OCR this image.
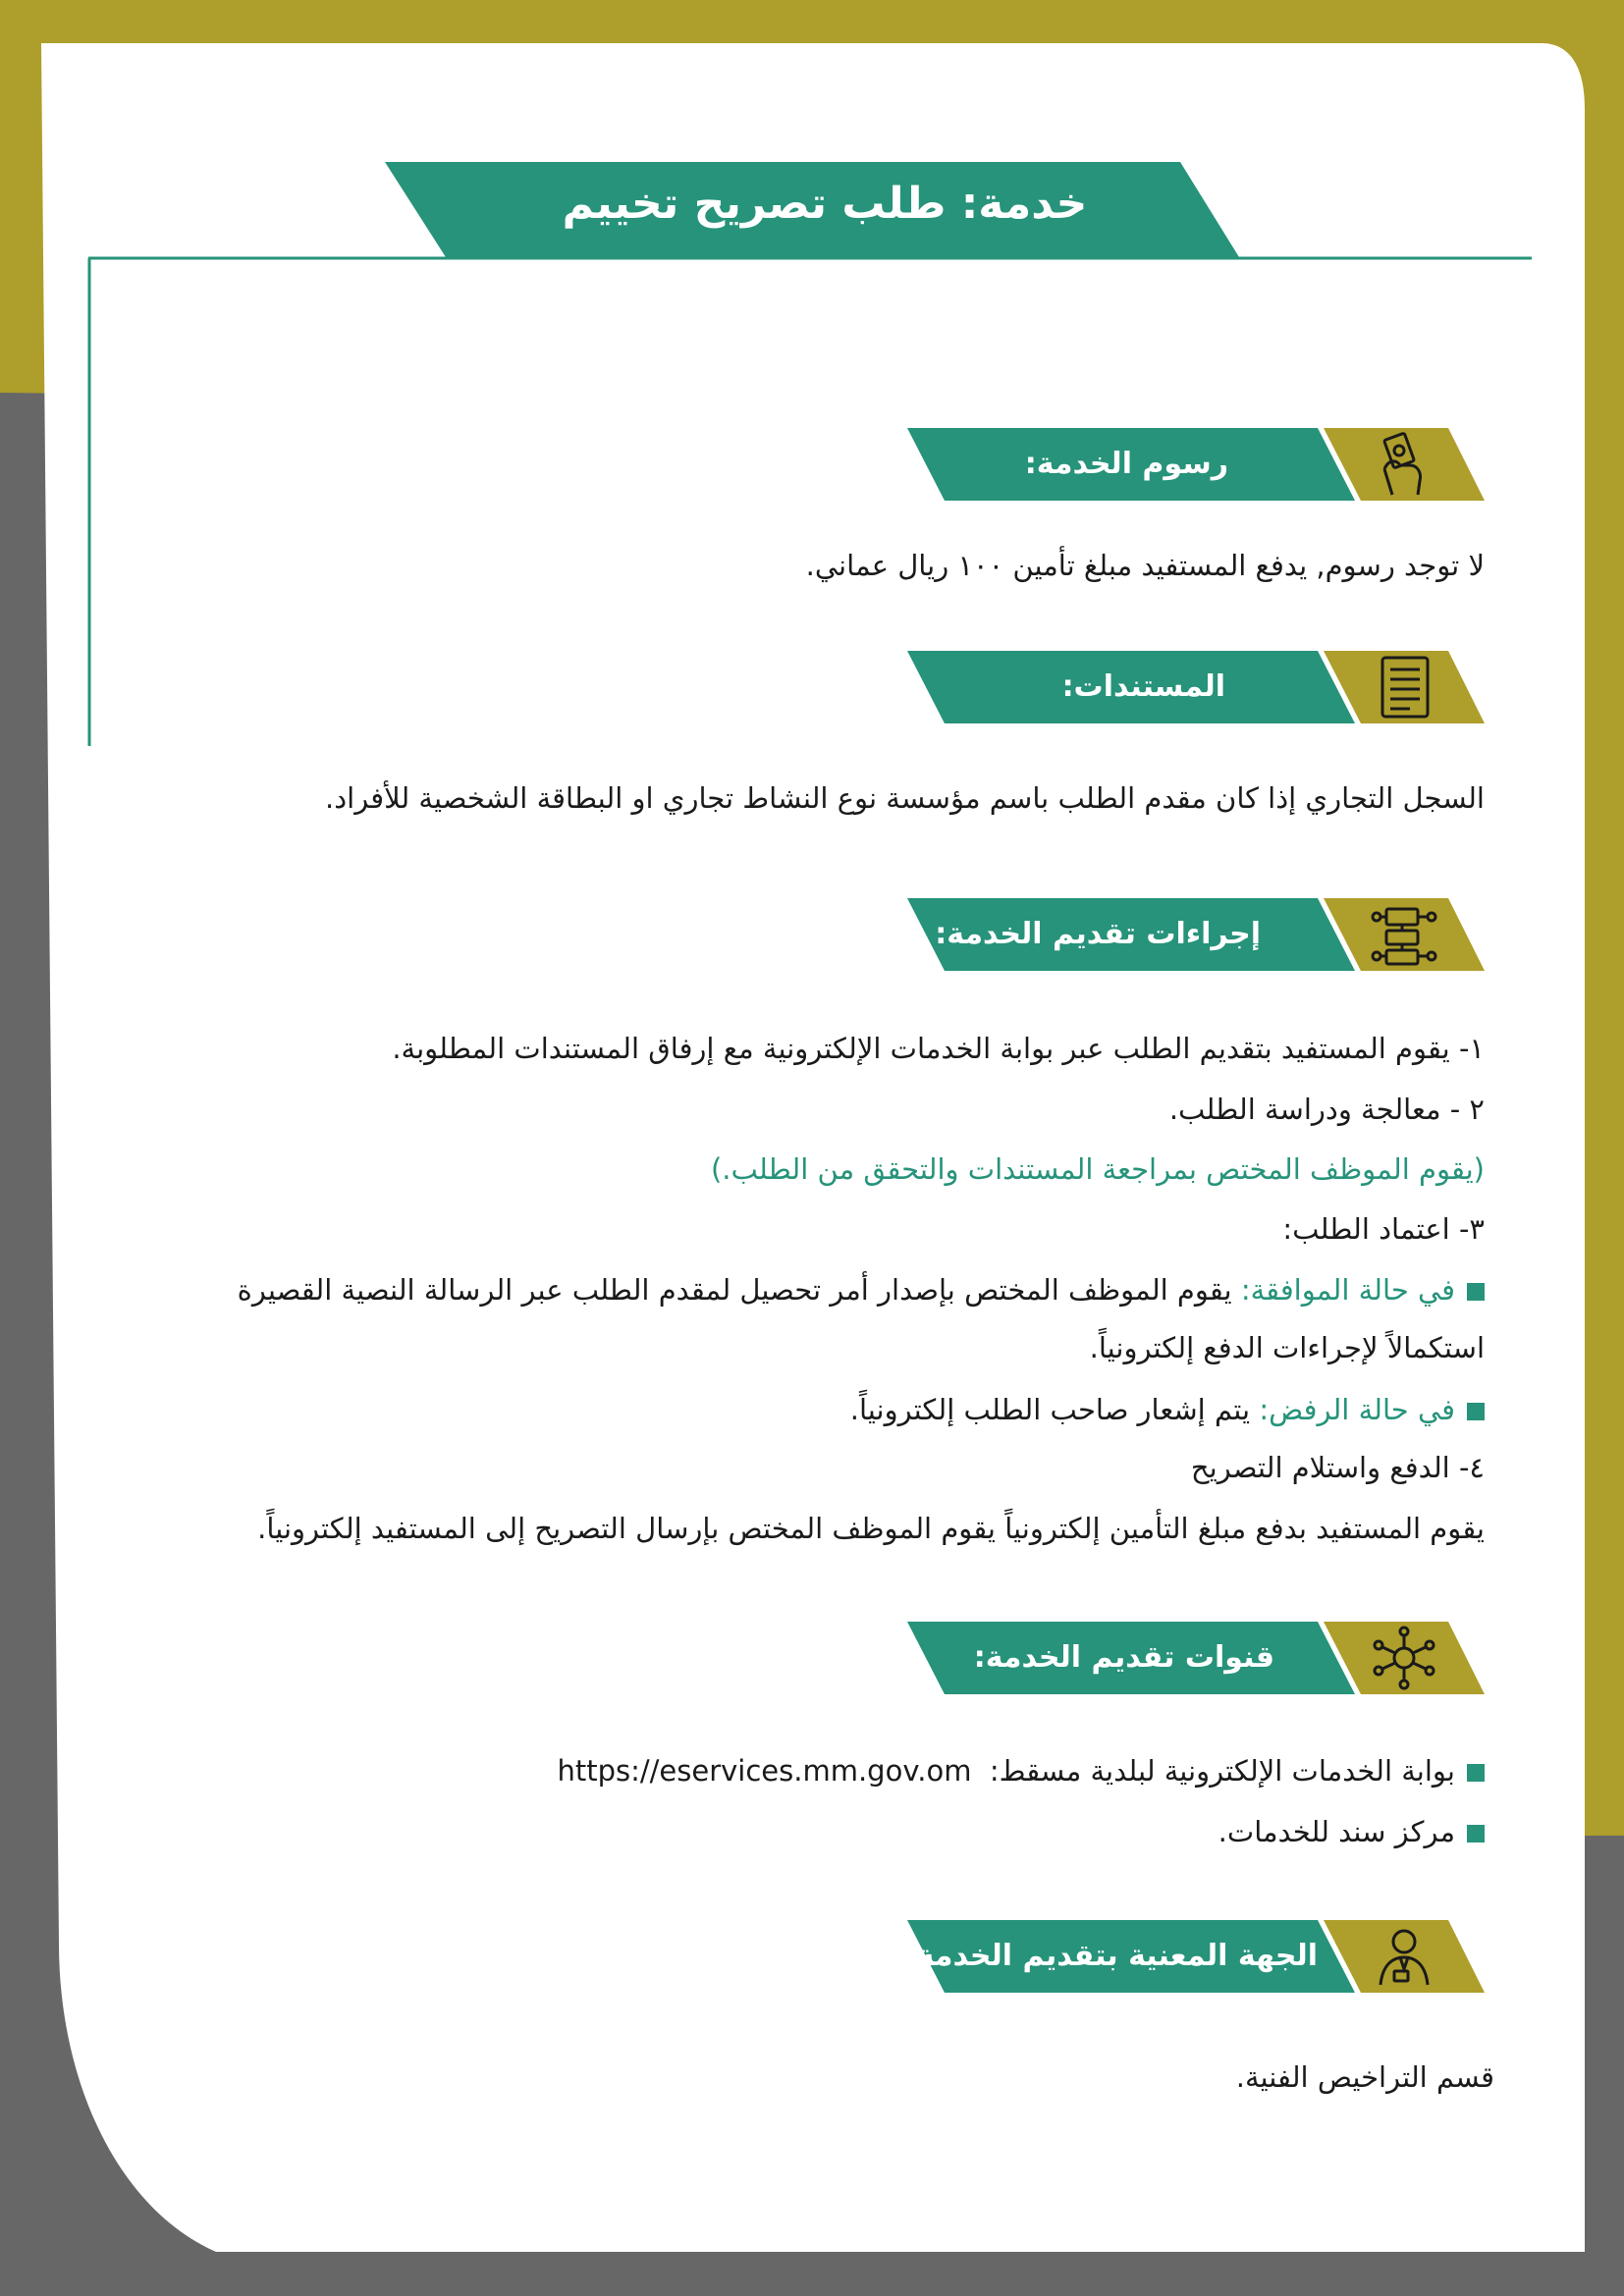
خدمة: طلب تصريح تخييم
رسوم الخدمة:
المستندات:
إجراءات تقديم الخدمة:
قنوات تقديم الخدمة:
الجهة المعنية بتقديم الخدمة:
لا توجد رسوم, يدفع المستفيد مبلغ تأمين ١٠٠ ريال عماني.
السجل التجاري إذا كان مقدم الطلب باسم مؤسسة نوع النشاط تجاري او البطاقة الشخصية للأفراد.
١- يقوم المستفيد بتقديم الطلب عبر بوابة الخدمات الإلكترونية مع إرفاق المستندات المطلوبة.
٢ - معالجة ودراسة الطلب.
(يقوم الموظف المختص بمراجعة المستندات والتحقق من الطلب.)
٣- اعتماد الطلب:
في حالة الموافقة: يقوم الموظف المختص بإصدار أمر تحصيل لمقدم الطلب عبر الرسالة النصية القصيرة
استكمالاً لإجراءات الدفع إلكترونياً.
في حالة الرفض: يتم إشعار صاحب الطلب إلكترونياً.
٤- الدفع واستلام التصريح
يقوم المستفيد بدفع مبلغ التأمين إلكترونياً يقوم الموظف المختص بإرسال التصريح إلى المستفيد إلكترونياً.
بوابة الخدمات الإلكترونية لبلدية مسقط:  https://eservices.mm.gov.om
مركز سند للخدمات.
قسم التراخيص الفنية.
